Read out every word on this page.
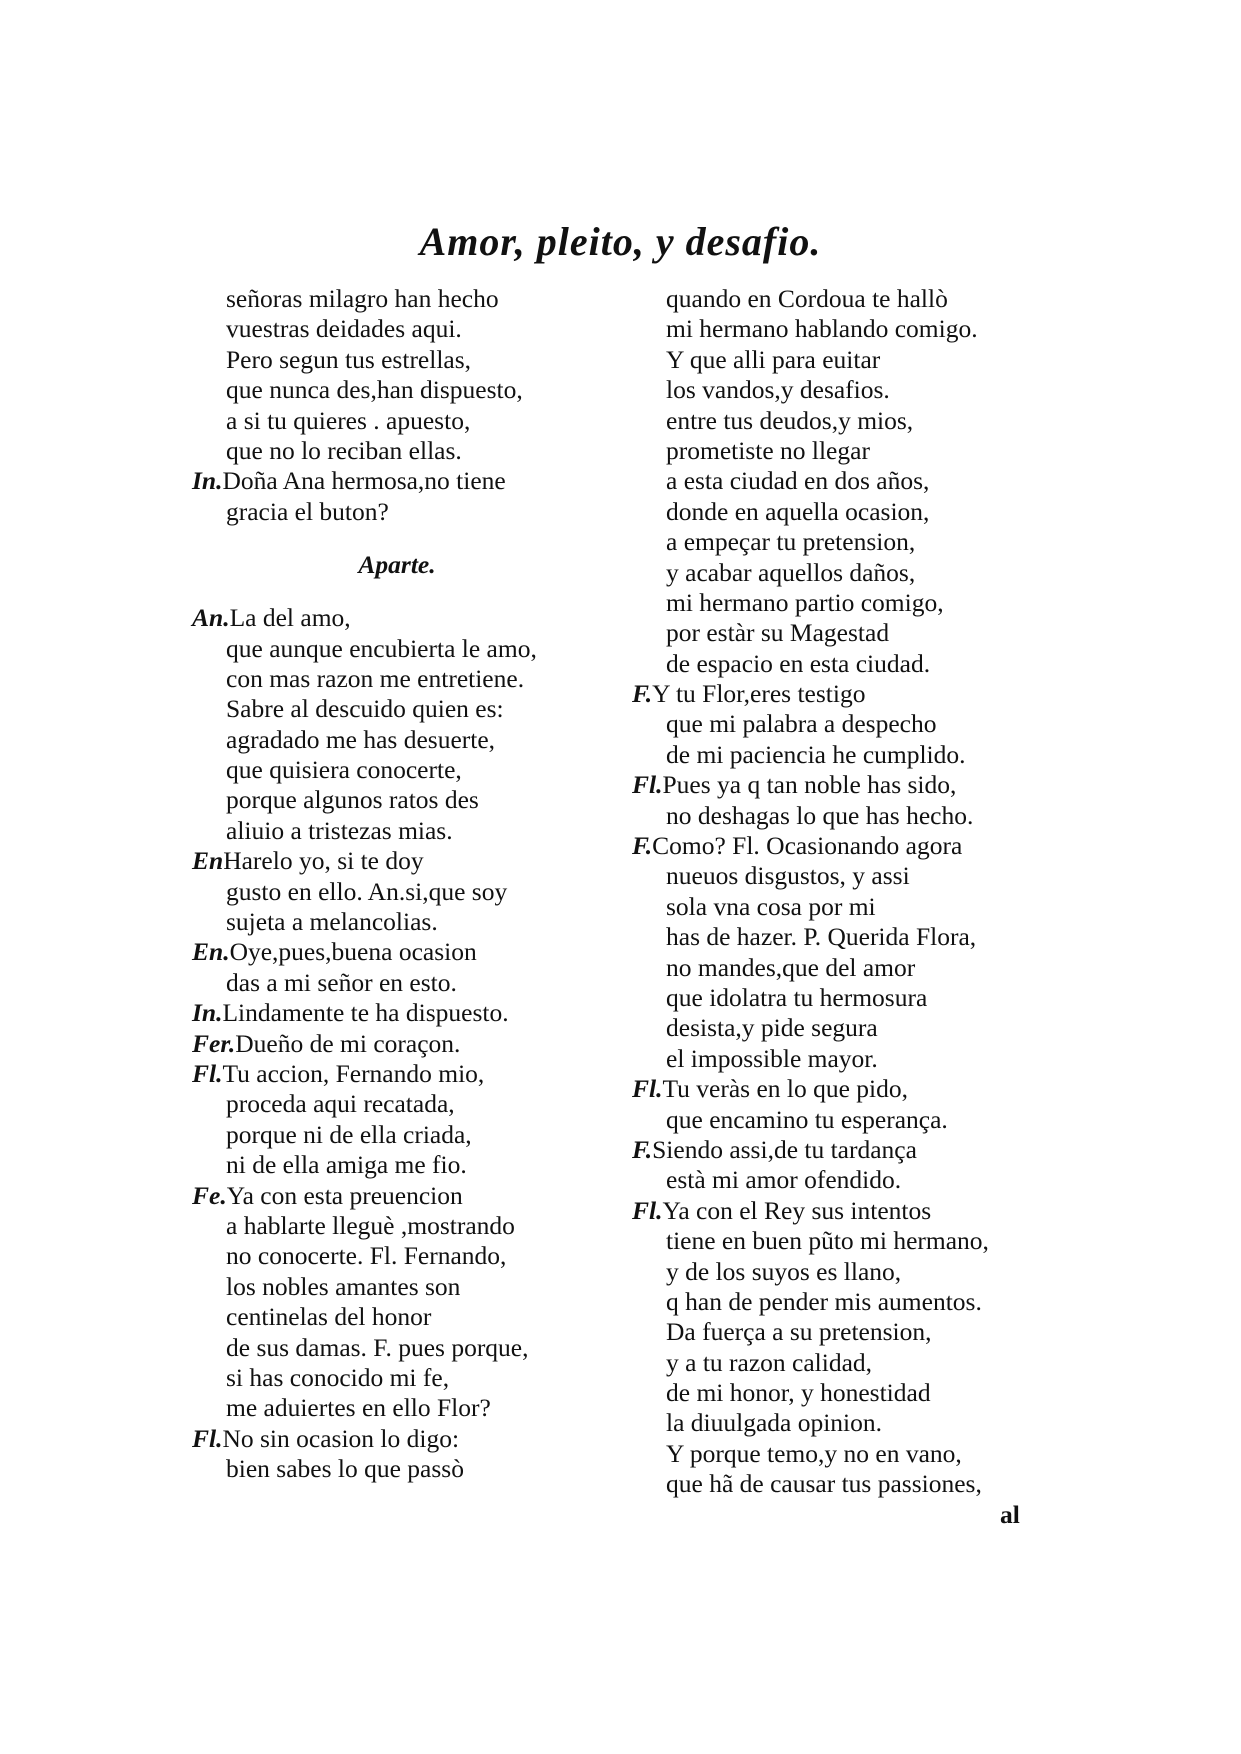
Amor, pleito, y desafio.
señoras milagro han hecho
vuestras deidades aqui.
Pero segun tus estrellas,
que nunca des,han dispuesto,
a si tu quieres . apuesto,
que no lo reciban ellas.
In.Doña Ana hermosa,no tiene
gracia el buton?
Aparte.
An.La del amo,
que aunque encubierta le amo,
con mas razon me entretiene.
Sabre al descuido quien es:
agradado me has desuerte,
que quisiera conocerte,
porque algunos ratos des
aliuio a tristezas mias.
EnHarelo yo, si te doy
gusto en ello. An.si,que soy
sujeta a melancolias.
En.Oye,pues,buena ocasion
das a mi señor en esto.
In.Lindamente te ha dispuesto.
Fer.Dueño de mi coraçon.
Fl.Tu accion, Fernando mio,
proceda aqui recatada,
porque ni de ella criada,
ni de ella amiga me fio.
Fe.Ya con esta preuencion
a hablarte lleguè ,mostrando
no conocerte. Fl. Fernando,
los nobles amantes son
centinelas del honor
de sus damas. F. pues porque,
si has conocido mi fe,
me aduiertes en ello Flor?
Fl.No sin ocasion lo digo:
bien sabes lo que passò
quando en Cordoua te hallò
mi hermano hablando comigo.
Y que alli para euitar
los vandos,y desafios.
entre tus deudos,y mios,
prometiste no llegar
a esta ciudad en dos años,
donde en aquella ocasion,
a empeçar tu pretension,
y acabar aquellos daños,
mi hermano partio comigo,
por estàr su Magestad
de espacio en esta ciudad.
F.Y tu Flor,eres testigo
que mi palabra a despecho
de mi paciencia he cumplido.
Fl.Pues ya q tan noble has sido,
no deshagas lo que has hecho.
F.Como? Fl. Ocasionando agora
nueuos disgustos, y assi
sola vna cosa por mi
has de hazer. P. Querida Flora,
no mandes,que del amor
que idolatra tu hermosura
desista,y pide segura
el impossible mayor.
Fl.Tu veràs en lo que pido,
que encamino tu esperança.
F.Siendo assi,de tu tardança
està mi amor ofendido.
Fl.Ya con el Rey sus intentos
tiene en buen pũto mi hermano,
y de los suyos es llano,
q han de pender mis aumentos.
Da fuerça a su pretension,
y a tu razon calidad,
de mi honor, y honestidad
la diuulgada opinion.
Y porque temo,y no en vano,
que hã de causar tus passiones,
al
